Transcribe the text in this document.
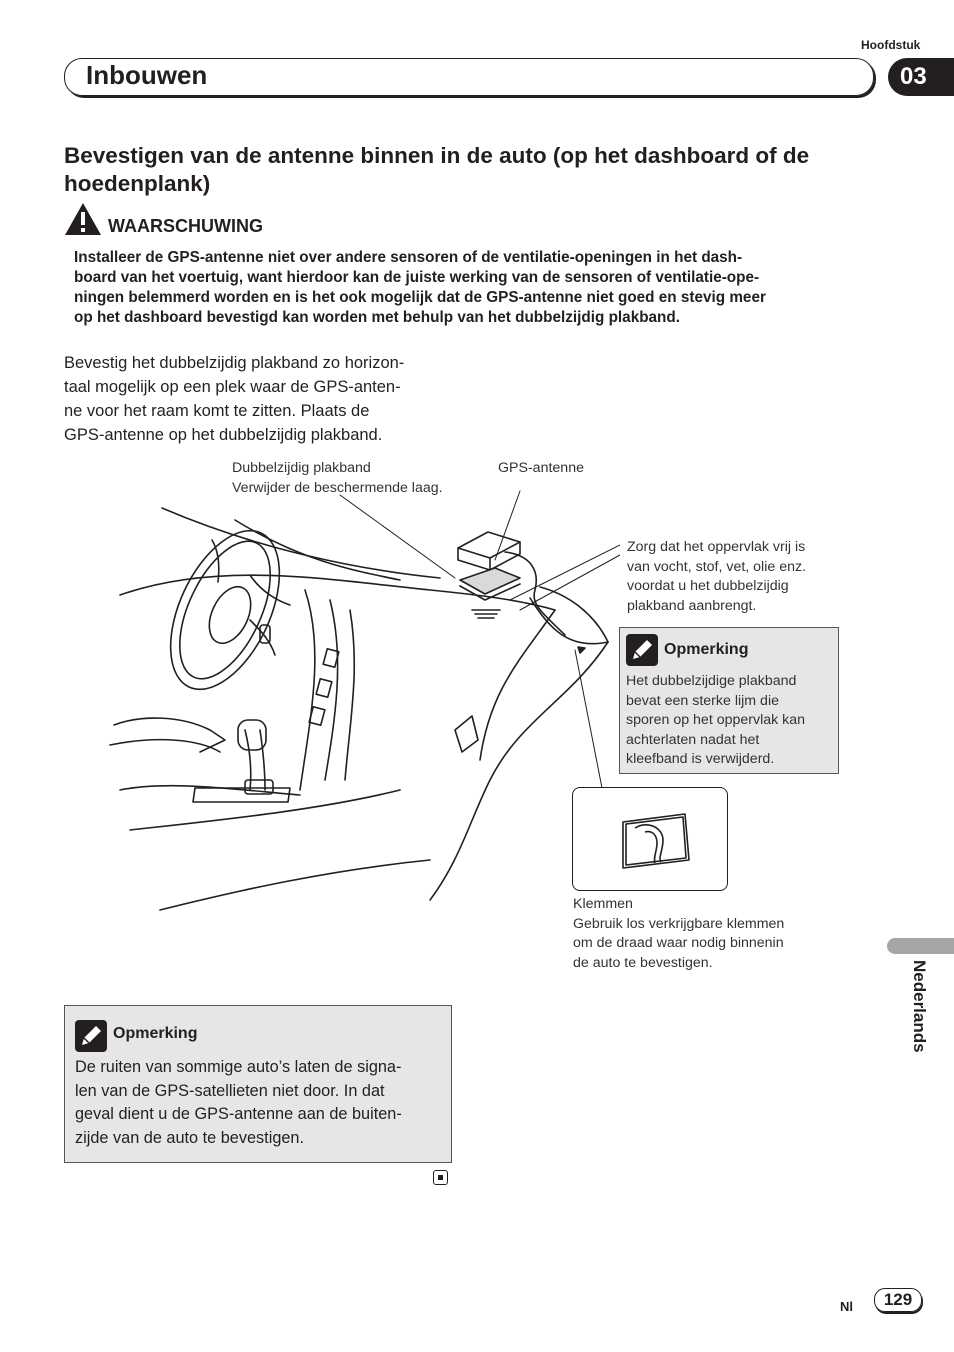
Hoofdstuk
Inbouwen	03
Bevestigen van de antenne binnen in de auto (op het dashboard of de hoedenplank)
WAARSCHUWING
Installeer de GPS-antenne niet over andere sensoren of de ventilatie-openingen in het dash-
board van het voertuig, want hierdoor kan de juiste werking van de sensoren of ventilatie-ope-
ningen belemmerd worden en is het ook mogelijk dat de GPS-antenne niet goed en stevig meer
op het dashboard bevestigd kan worden met behulp van het dubbelzijdig plakband.
Bevestig het dubbelzijdig plakband zo horizon-
taal mogelijk op een plek waar de GPS-anten-
ne voor het raam komt te zitten. Plaats de
GPS-antenne op het dubbelzijdig plakband.
Dubbelzijdig plakband
Verwijder de beschermende laag.
GPS-antenne
Zorg dat het oppervlak vrij is
van vocht, stof, vet, olie enz.
voordat u het dubbelzijdig
plakband aanbrengt.
Opmerking
Het dubbelzijdige plakband
bevat een sterke lijm die
sporen op het oppervlak kan
achterlaten nadat het
kleefband is verwijderd.
Klemmen
Gebruik los verkrijgbare klemmen
om de draad waar nodig binnenin
de auto te bevestigen.
Opmerking
De ruiten van sommige auto’s laten de signa-
len van de GPS-satellieten niet door. In dat
geval dient u de GPS-antenne aan de buiten-
zijde van de auto te bevestigen.
Nederlands
Nl	129
